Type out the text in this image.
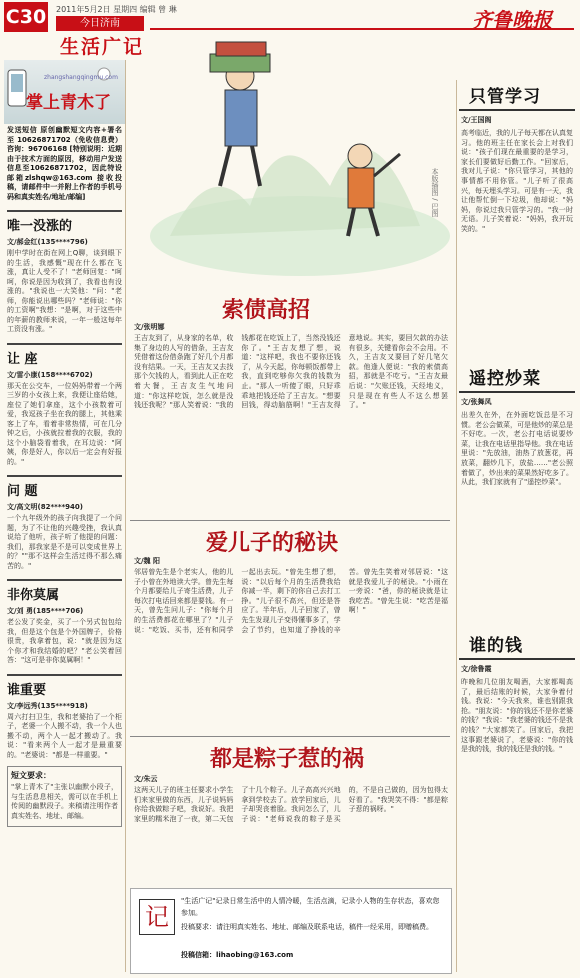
C30 2011年5月2日 星期四 编辑 曾 琳
今日济南
生活广记
齐鲁晚报
zhangshangqingmu.com
掌上青木了
发送短信 原创幽默短文内容+署名 至 10626871702（免收信息费） 咨询：96706168 [特别说明：近期由于技术方面的原因，移动用户发送信息至10626871702，因此特设邮箱zlshqw@163.com 接收投稿，请邮件中一并附上作者的手机号码和真实姓名/地址/邮编]
唯一没涨的
文/郝金红(135****796)
刚中学时在街在网上Q聊，谈到眼下的生活，我感慨"现在什么都在飞涨，真让人受不了！"老师回复："呵呵，你说是因为收到了，我看也有没涨的。"我说也一大笑他："问："老师，你能说出哪些吗？"老师说："你的工资啊"我想："是啊，对于这些中的年薪的教师来说，一年一般这每年工资没有涨。"
让 座
文/雷小康(158****6702)
那天在公交车，一位妈妈带着一个两三岁的小女孩上来，我便让座给她，座位了她们拿座，这个小孩数着可爱，我逗孩子坐在我的腿上，其他乘客上了车，看着非常热情，可在几分钟之后，小孩就拉着我的衣服，我的这个小脑袋看着我，在耳边说："阿姨，你是好人，你以后一定会有好报的。"
问 题
文/高文明(82****940)
一个九年级外的孩子向我提了一个问题，为了不让他的兴趣受挫，我认真说给了他听，孩子听了他提的问题：我们，那我家是不是可以变成世界上的？""那不这样会生活过得不那么痛苦的。"
非你莫属
文/刘 勇(185****706)
老公发了奖金，买了一个另式包包给我，但是这个包是个外国牌子，价格很贵，我拿着包，说："就是因为这个你才和我结婚的吧？"老公笑着回答："这可是非你莫属啊！"
谁重要
文/李远秀(135****918)
周六打扫卫生，我和老婆抬了一个柜子，老婆一个人搬不动，我一个人也搬不动，两个人一起才搬动了。我说："看来两个人一起才是最重要的。"老婆说："都是一样重要。"
短文要求：
"掌上青木了"主张以幽默小段子，与生活息息相关，需可以在手机上传阅的幽默段子。来稿请注明作者真实姓名、地址、邮编。
本版插图 / 巴图
索债高招
文/张明娜
王吉友到了，从身家的名单，收集了身边的人写的借条，王吉友凭借着这份借条跑了好几个月都没有结果。一天，王吉友又去找那个欠钱的人，看到此人正在吃着大餐，王吉友生气地问道："你这样吃饭，怎么就是没钱还我呢？"那人笑着说："我的钱都花在吃饭上了，当然没钱还你了。"王吉友想了想，说道："这样吧，我也不要你还钱了，从今天起，你每顿饭都带上我，直到吃够你欠我的钱数为止。"那人一听傻了眼，只好乖乖地把钱还给了王吉友。"想要回钱，得动脑筋啊！"王吉友得意地说。其实，要回欠款的办法有很多，关键看你会不会用。不久，王吉友又要回了好几笔欠款。他逢人便说："我的索债高招，那就是不吃亏。"王吉友最后说："欠账还钱，天经地义，只是现在有些人不这么想罢了。"
爱儿子的秘诀
文/魏 阳
邻居曾先生是个老实人，他的儿子小曾在外地读大学。曾先生每个月都要给儿子寄生活费，儿子每次打电话回来都是要钱。有一天，曾先生问儿子："你每个月的生活费都花在哪里了？"儿子说："吃饭、买书，还有和同学一起出去玩。"曾先生想了想，说："以后每个月的生活费我给你减一半，剩下的你自己去打工挣。"儿子很不高兴，但还是答应了。半年后，儿子回家了，曾先生发现儿子变得懂事多了，学会了节约，也知道了挣钱的辛苦。曾先生笑着对邻居说："这就是我爱儿子的秘诀。"小雨在一旁说："爸，你的秘诀就是让我吃苦。"曾先生说："吃苦是福啊！"
都是粽子惹的祸
文/朱云
这两天儿子的班主任要求小学生们来家里做的东西，儿子说妈妈你给我做粽子吧，我说好。我把家里的糯米泡了一夜，第二天包了十几个粽子。儿子高高兴兴地拿到学校去了。放学回家后，儿子却哭丧着脸。我问怎么了，儿子说："老师说我的粽子是买的，不是自己做的，因为包得太好看了。"我哭笑不得："都是粽子惹的祸呀。"
记
"生活广记"记录日常生活中的人情冷暖，生活点滴，记录小人物的生存状态，喜欢您参加。
投稿要求：请注明真实姓名、地址、邮编及联系电话，稿件一经采用，即赠稿费。
投稿信箱：lihaobing@163.com
只管学习
文/王国阁
高考临近，我的儿子每天都在认真复习。他的班主任在家长会上对我们说："孩子们现在最重要的是学习，家长们要做好后勤工作。"回家后，我对儿子说："你只管学习，其他的事情都不用你管。"儿子听了很高兴，每天埋头学习。可是有一天，我让他帮忙倒一下垃圾，他却说："妈妈，你说过我只管学习的。"我一时无语。儿子笑着说："妈妈，我开玩笑的。"
遥控炒菜
文/张舞凤
出差久在外，在外面吃饭总是不习惯。老公会做菜，可是他炒的菜总是不好吃。一次，老公打电话说要炒菜，让我在电话里指导他。我在电话里说："先放油，油热了放葱花，再放菜，翻炒几下，放盐……"老公照着做了，炒出来的菜果然好吃多了。从此，我们家就有了"遥控炒菜"。
谁的钱
文/徐鲁霞
昨晚和几位朋友喝酒，大家都喝高了，最后结账的时候，大家争着付钱。我说："今天我来，谁也别跟我抢。"朋友说："你的钱还不是你老婆的钱？"我说："我老婆的钱还不是我的钱？"大家都笑了。回家后，我把这事跟老婆说了，老婆说："你的钱是我的钱，我的钱还是我的钱。"
